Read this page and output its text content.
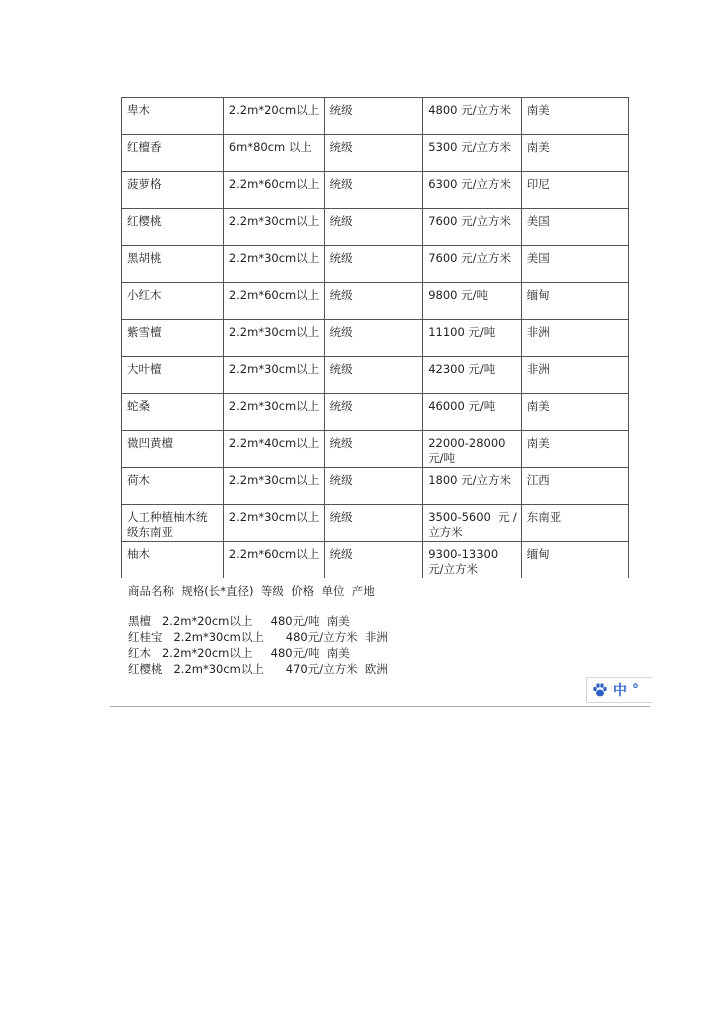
卑木	2.2m*20cm以上	统级	4800 元/立方米	南美
红檀香	6m*80cm 以上	统级	5300 元/立方米	南美
菠萝格	2.2m*60cm以上	统级	6300 元/立方米	印尼
红樱桃	2.2m*30cm以上	统级	7600 元/立方米	美国
黑胡桃	2.2m*30cm以上	统级	7600 元/立方米	美国
小红木	2.2m*60cm以上	统级	9800 元/吨	缅甸
紫雪檀	2.2m*30cm以上	统级	11100 元/吨	非洲
大叶檀	2.2m*30cm以上	统级	42300 元/吨	非洲
蛇桑	2.2m*30cm以上	统级	46000 元/吨	南美
微凹黄檀	2.2m*40cm以上	统级	22000-28000 元/吨	南美
荷木	2.2m*30cm以上	统级	1800 元/立方米	江西
人工种植柚木统级东南亚	2.2m*30cm以上	统级	3500-5600 元/立方米	东南亚
柚木	2.2m*60cm以上	统级	9300-13300 元/立方米	缅甸
商品名称  规格(长*直径)  等级  价格  单位  产地
黑檀   2.2m*20cm以上     480元/吨  南美
红桂宝   2.2m*30cm以上      480元/立方米  非洲
红木   2.2m*20cm以上     480元/吨  南美
红樱桃   2.2m*30cm以上      470元/立方米  欧洲
中 °
